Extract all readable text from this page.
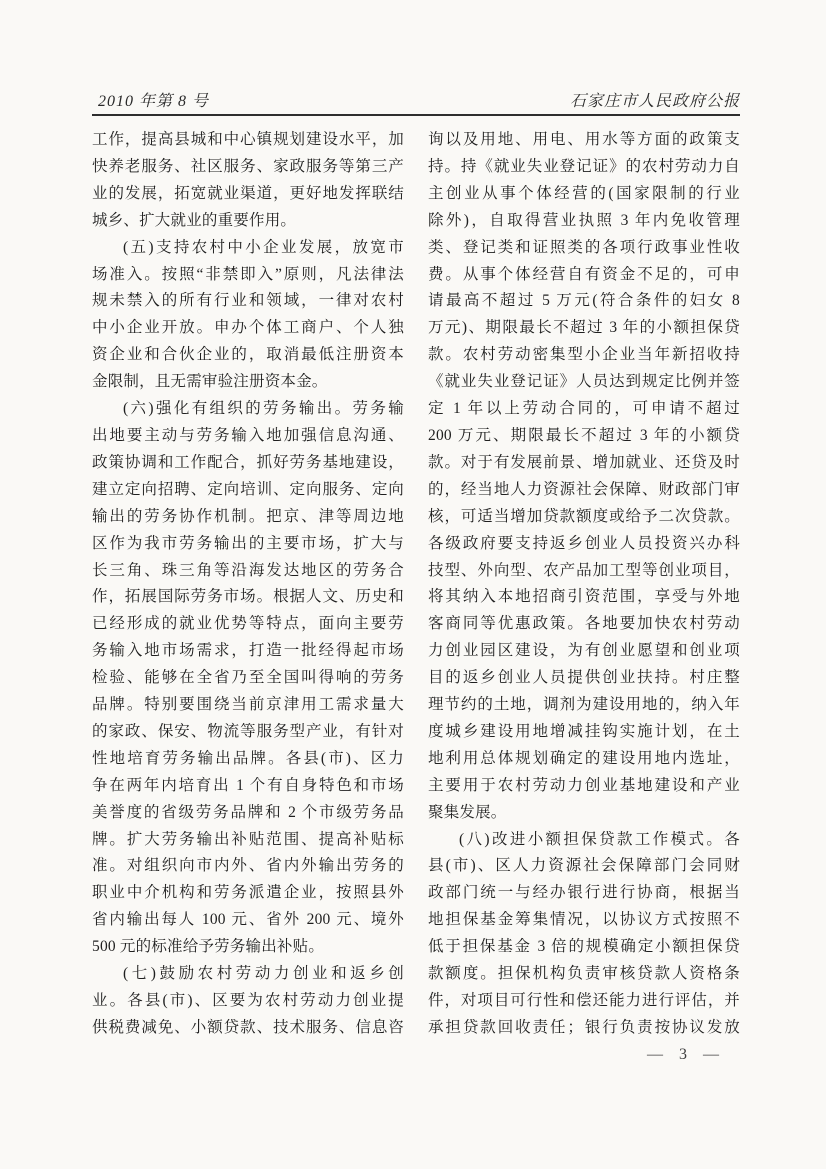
2010 年第 8 号	石家庄市人民政府公报
工作，提高县城和中心镇规划建设水平，加
快养老服务、社区服务、家政服务等第三产
业的发展，拓宽就业渠道，更好地发挥联结
城乡、扩大就业的重要作用。
(五)支持农村中小企业发展，放宽市
场准入。按照“非禁即入”原则，凡法律法
规未禁入的所有行业和领域，一律对农村
中小企业开放。申办个体工商户、个人独
资企业和合伙企业的，取消最低注册资本
金限制，且无需审验注册资本金。
(六)强化有组织的劳务输出。劳务输
出地要主动与劳务输入地加强信息沟通、
政策协调和工作配合，抓好劳务基地建设，
建立定向招聘、定向培训、定向服务、定向
输出的劳务协作机制。把京、津等周边地
区作为我市劳务输出的主要市场，扩大与
长三角、珠三角等沿海发达地区的劳务合
作，拓展国际劳务市场。根据人文、历史和
已经形成的就业优势等特点，面向主要劳
务输入地市场需求，打造一批经得起市场
检验、能够在全省乃至全国叫得响的劳务
品牌。特别要围绕当前京津用工需求量大
的家政、保安、物流等服务型产业，有针对
性地培育劳务输出品牌。各县(市)、区力
争在两年内培育出 1 个有自身特色和市场
美誉度的省级劳务品牌和 2 个市级劳务品
牌。扩大劳务输出补贴范围、提高补贴标
准。对组织向市内外、省内外输出劳务的
职业中介机构和劳务派遣企业，按照县外
省内输出每人 100 元、省外 200 元、境外
500 元的标准给予劳务输出补贴。
(七)鼓励农村劳动力创业和返乡创
业。各县(市)、区要为农村劳动力创业提
供税费减免、小额贷款、技术服务、信息咨
询以及用地、用电、用水等方面的政策支
持。持《就业失业登记证》的农村劳动力自
主创业从事个体经营的(国家限制的行业
除外)，自取得营业执照 3 年内免收管理
类、登记类和证照类的各项行政事业性收
费。从事个体经营自有资金不足的，可申
请最高不超过 5 万元(符合条件的妇女 8
万元)、期限最长不超过 3 年的小额担保贷
款。农村劳动密集型小企业当年新招收持
《就业失业登记证》人员达到规定比例并签
定 1 年以上劳动合同的，可申请不超过
200 万元、期限最长不超过 3 年的小额贷
款。对于有发展前景、增加就业、还贷及时
的，经当地人力资源社会保障、财政部门审
核，可适当增加贷款额度或给予二次贷款。
各级政府要支持返乡创业人员投资兴办科
技型、外向型、农产品加工型等创业项目，
将其纳入本地招商引资范围，享受与外地
客商同等优惠政策。各地要加快农村劳动
力创业园区建设，为有创业愿望和创业项
目的返乡创业人员提供创业扶持。村庄整
理节约的土地，调剂为建设用地的，纳入年
度城乡建设用地增减挂钩实施计划，在土
地利用总体规划确定的建设用地内选址，
主要用于农村劳动力创业基地建设和产业
聚集发展。
(八)改进小额担保贷款工作模式。各
县(市)、区人力资源社会保障部门会同财
政部门统一与经办银行进行协商，根据当
地担保基金筹集情况，以协议方式按照不
低于担保基金 3 倍的规模确定小额担保贷
款额度。担保机构负责审核贷款人资格条
件，对项目可行性和偿还能力进行评估，并
承担贷款回收责任；银行负责按协议发放
— 3 —
